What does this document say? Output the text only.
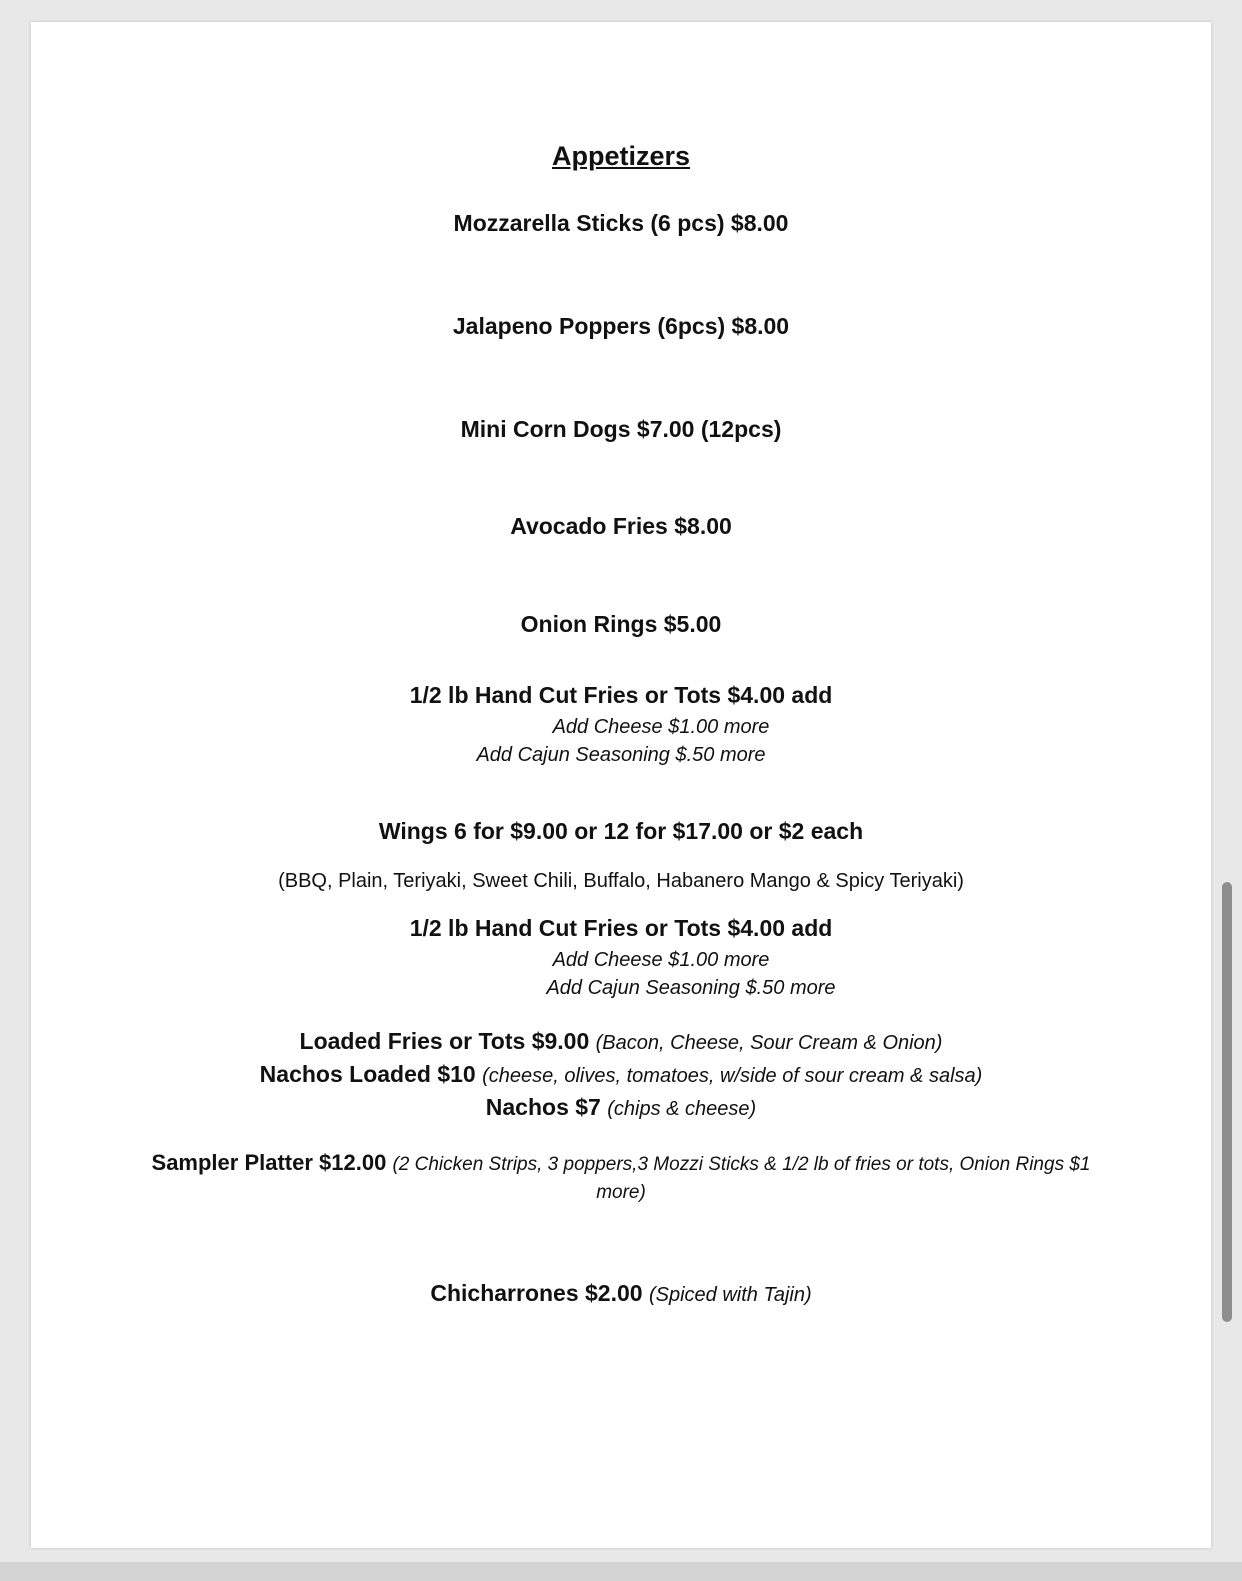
Appetizers
Mozzarella Sticks (6 pcs) $8.00
Jalapeno Poppers (6pcs) $8.00
Mini Corn Dogs $7.00 (12pcs)
Avocado Fries $8.00
Onion Rings $5.00
1/2 lb Hand Cut Fries or Tots $4.00 add
Add Cheese $1.00 more
Add Cajun Seasoning $.50 more
Wings 6 for $9.00 or 12 for $17.00 or $2 each
(BBQ, Plain, Teriyaki, Sweet Chili, Buffalo, Habanero Mango & Spicy Teriyaki)
1/2 lb Hand Cut Fries or Tots $4.00 add
Add Cheese $1.00 more
Add Cajun Seasoning $.50 more
Loaded Fries or Tots $9.00 (Bacon, Cheese, Sour Cream & Onion)
Nachos Loaded $10 (cheese, olives, tomatoes, w/side of sour cream & salsa)
Nachos $7 (chips & cheese)
Sampler Platter $12.00 (2 Chicken Strips, 3 poppers,3 Mozzi Sticks & 1/2 lb of fries or tots, Onion Rings $1
more)
Chicharrones $2.00 (Spiced with Tajin)
